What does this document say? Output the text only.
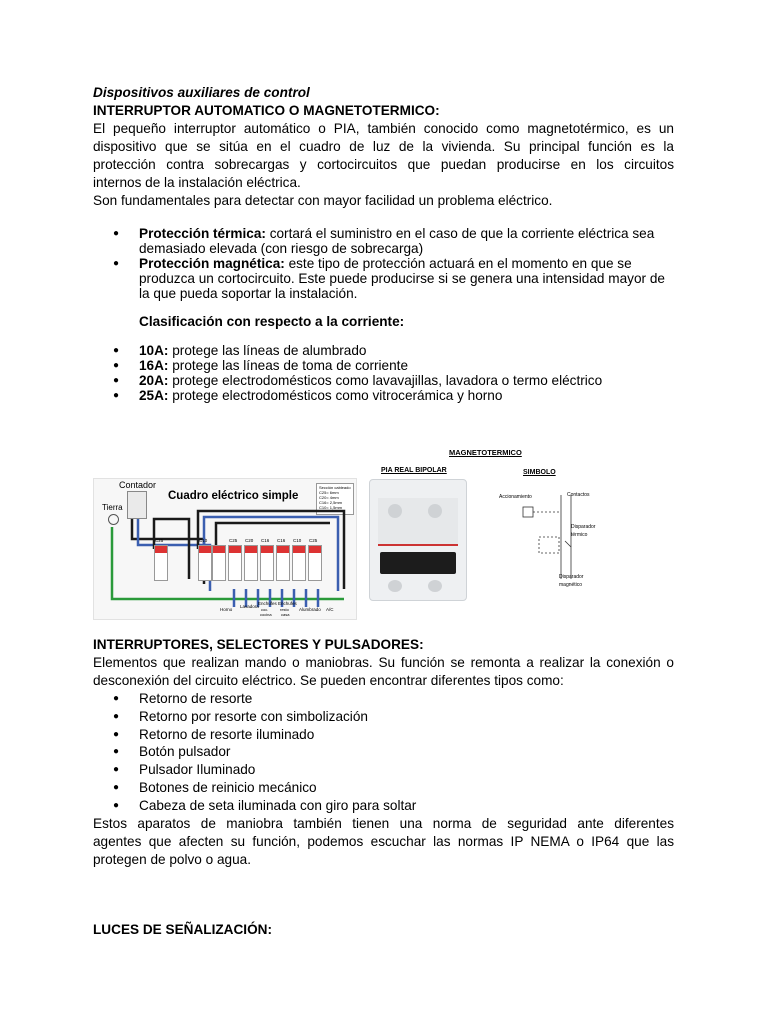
Dispositivos auxiliares de control

INTERRUPTOR AUTOMATICO O MAGNETOTERMICO:

El pequeño interruptor automático o PIA, también conocido como magnetotérmico, es un

dispositivo que se sitúa en el cuadro de luz de la vivienda. Su principal función es la

protección contra sobrecargas y cortocircuitos que puedan producirse en los circuitos

internos de la instalación eléctrica.

Son fundamentales para detectar con mayor facilidad un problema eléctrico.

● Protección térmica: cortará el suministro en el caso de que la corriente eléctrica sea demasiado elevada (con riesgo de sobrecarga)
● Protección magnética: este tipo de protección actuará en el momento en que se produzca un cortocircuito. Este puede producirse si se genera una intensidad mayor de la que pueda soportar la instalación.

Clasificación con respecto a la corriente:

● 10A: protege las líneas de alumbrado
● 16A: protege las líneas de toma de corriente
● 20A: protege electrodomésticos como lavavajillas, lavadora o termo eléctrico
● 25A: protege electrodomésticos como vitrocerámica y horno
MAGNETOTERMICO
Contador
Tierra
Cuadro eléctrico simple
Sección cableado
C25= 6mm
C20= 4mm
C16= 2,5mm
C10= 1,5mm
C25	C10	C25 C20 C16 C16 C10 C25
Horno
Lavadora
Enchufes Enchufes
Alumbrado A/C
coc.
cocina
resto
casa
PIA REAL BIPOLAR	SIMBOLO
Accionamiento	Contactos
Disparador térmico
Disparador magnético

INTERRUPTORES, SELECTORES Y PULSADORES:

Elementos que realizan mando o maniobras. Su función se remonta a realizar la conexión o

desconexión del circuito eléctrico. Se pueden encontrar diferentes tipos como:

● Retorno de resorte
● Retorno por resorte con simbolización
● Retorno de resorte iluminado
● Botón pulsador
● Pulsador Iluminado
● Botones de reinicio mecánico
● Cabeza de seta iluminada con giro para soltar

Estos aparatos de maniobra también tienen una norma de seguridad ante diferentes

agentes que afecten su función, podemos escuchar las normas IP NEMA o IP64 que las

protegen de polvo o agua.

LUCES DE SEÑALIZACIÓN:
